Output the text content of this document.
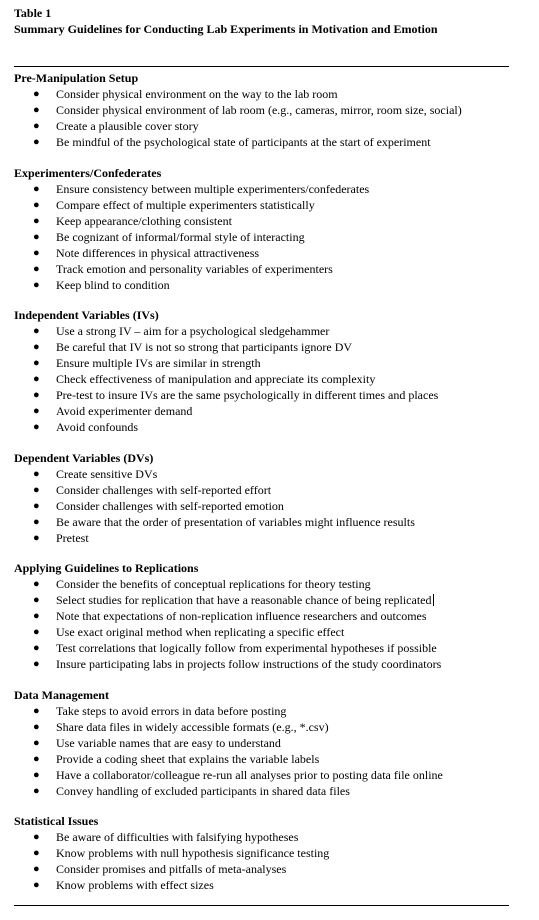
Table 1
Summary Guidelines for Conducting Lab Experiments in Motivation and Emotion
Pre-Manipulation Setup
● Consider physical environment on the way to the lab room
● Consider physical environment of lab room (e.g., cameras, mirror, room size, social)
● Create a plausible cover story
● Be mindful of the psychological state of participants at the start of experiment
Experimenters/Confederates
● Ensure consistency between multiple experimenters/confederates
● Compare effect of multiple experimenters statistically
● Keep appearance/clothing consistent
● Be cognizant of informal/formal style of interacting
● Note differences in physical attractiveness
● Track emotion and personality variables of experimenters
● Keep blind to condition
Independent Variables (IVs)
● Use a strong IV – aim for a psychological sledgehammer
● Be careful that IV is not so strong that participants ignore DV
● Ensure multiple IVs are similar in strength
● Check effectiveness of manipulation and appreciate its complexity
● Pre-test to insure IVs are the same psychologically in different times and places
● Avoid experimenter demand
● Avoid confounds
Dependent Variables (DVs)
● Create sensitive DVs
● Consider challenges with self-reported effort
● Consider challenges with self-reported emotion
● Be aware that the order of presentation of variables might influence results
● Pretest
Applying Guidelines to Replications
● Consider the benefits of conceptual replications for theory testing
● Select studies for replication that have a reasonable chance of being replicated
● Note that expectations of non-replication influence researchers and outcomes
● Use exact original method when replicating a specific effect
● Test correlations that logically follow from experimental hypotheses if possible
● Insure participating labs in projects follow instructions of the study coordinators
Data Management
● Take steps to avoid errors in data before posting
● Share data files in widely accessible formats (e.g., *.csv)
● Use variable names that are easy to understand
● Provide a coding sheet that explains the variable labels
● Have a collaborator/colleague re-run all analyses prior to posting data file online
● Convey handling of excluded participants in shared data files
Statistical Issues
● Be aware of difficulties with falsifying hypotheses
● Know problems with null hypothesis significance testing
● Consider promises and pitfalls of meta-analyses
● Know problems with effect sizes
